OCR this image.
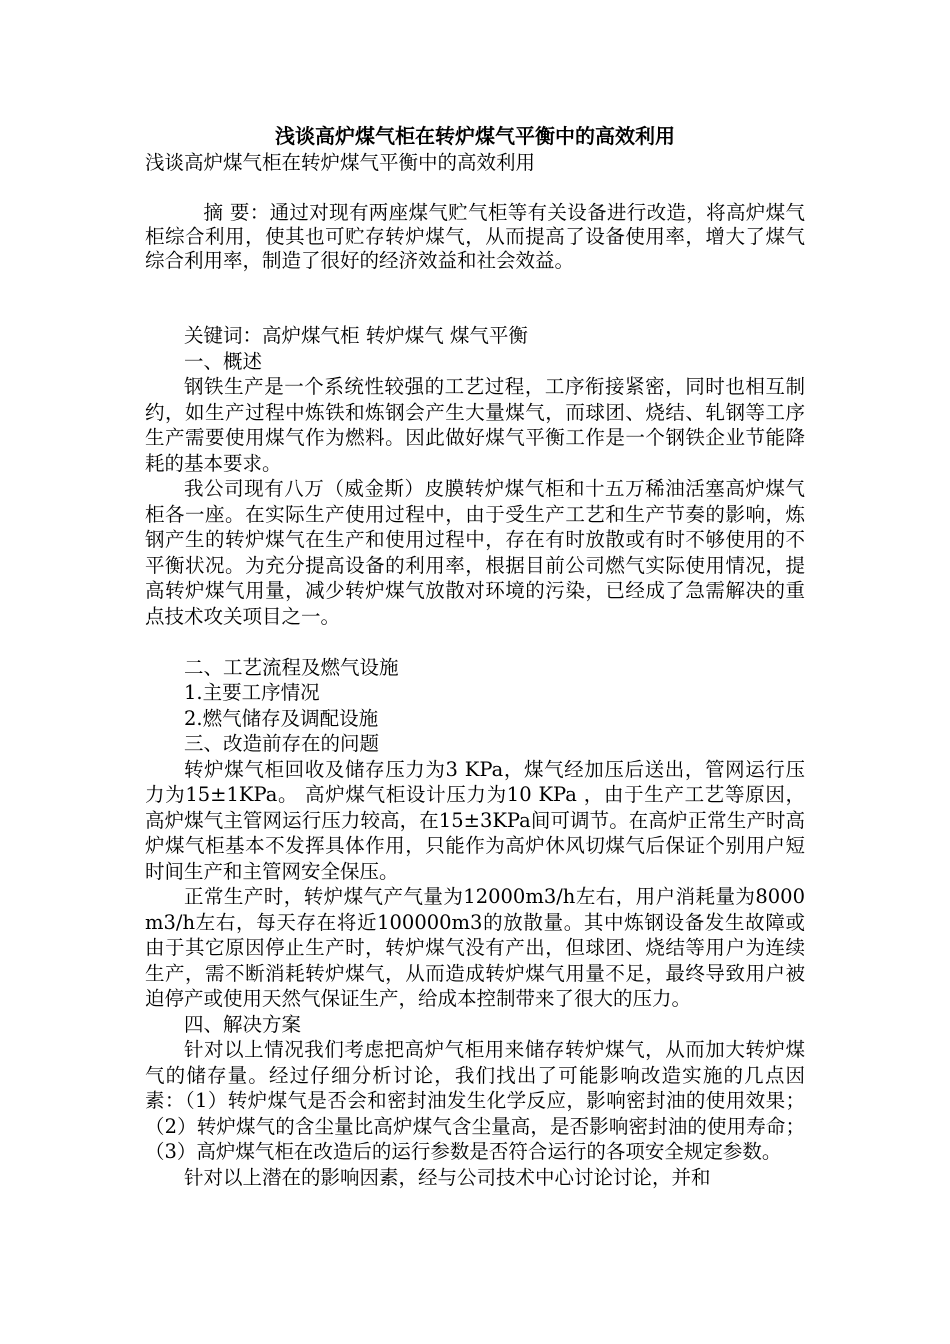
浅谈高炉煤气柜在转炉煤气平衡中的高效利用

浅谈高炉煤气柜在转炉煤气平衡中的高效利用

摘 要：通过对现有两座煤气贮气柜等有关设备进行改造，将高炉煤气柜综合利用，使其也可贮存转炉煤气，从而提高了设备使用率，增大了煤气综合利用率，制造了很好的经济效益和社会效益。

关键词：高炉煤气柜 转炉煤气 煤气平衡

一、概述

钢铁生产是一个系统性较强的工艺过程，工序衔接紧密，同时也相互制约，如生产过程中炼铁和炼钢会产生大量煤气，而球团、烧结、轧钢等工序生产需要使用煤气作为燃料。因此做好煤气平衡工作是一个钢铁企业节能降耗的基本要求。

我公司现有八万（威金斯）皮膜转炉煤气柜和十五万稀油活塞高炉煤气柜各一座。在实际生产使用过程中，由于受生产工艺和生产节奏的影响，炼钢产生的转炉煤气在生产和使用过程中，存在有时放散或有时不够使用的不平衡状况。为充分提高设备的利用率，根据目前公司燃气实际使用情况，提高转炉煤气用量，减少转炉煤气放散对环境的污染，已经成了急需解决的重点技术攻关项目之一。

二、工艺流程及燃气设施

1.主要工序情况

2.燃气储存及调配设施

三、改造前存在的问题

转炉煤气柜回收及储存压力为3 KPa，煤气经加压后送出，管网运行压力为15±1KPa。 高炉煤气柜设计压力为10 KPa ，由于生产工艺等原因，高炉煤气主管网运行压力较高，在15±3KPa间可调节。在高炉正常生产时高炉煤气柜基本不发挥具体作用，只能作为高炉休风切煤气后保证个别用户短时间生产和主管网安全保压。

正常生产时，转炉煤气产气量为12000m3/h左右，用户消耗量为8000m3/h左右，每天存在将近100000m3的放散量。其中炼钢设备发生故障或由于其它原因停止生产时，转炉煤气没有产出，但球团、烧结等用户为连续生产，需不断消耗转炉煤气，从而造成转炉煤气用量不足，最终导致用户被迫停产或使用天然气保证生产，给成本控制带来了很大的压力。

四、解决方案

针对以上情况我们考虑把高炉气柜用来储存转炉煤气，从而加大转炉煤气的储存量。经过仔细分析讨论，我们找出了可能影响改造实施的几点因素：（1）转炉煤气是否会和密封油发生化学反应，影响密封油的使用效果；（2）转炉煤气的含尘量比高炉煤气含尘量高，是否影响密封油的使用寿命；（3）高炉煤气柜在改造后的运行参数是否符合运行的各项安全规定参数。

针对以上潜在的影响因素，经与公司技术中心讨论讨论，并和
